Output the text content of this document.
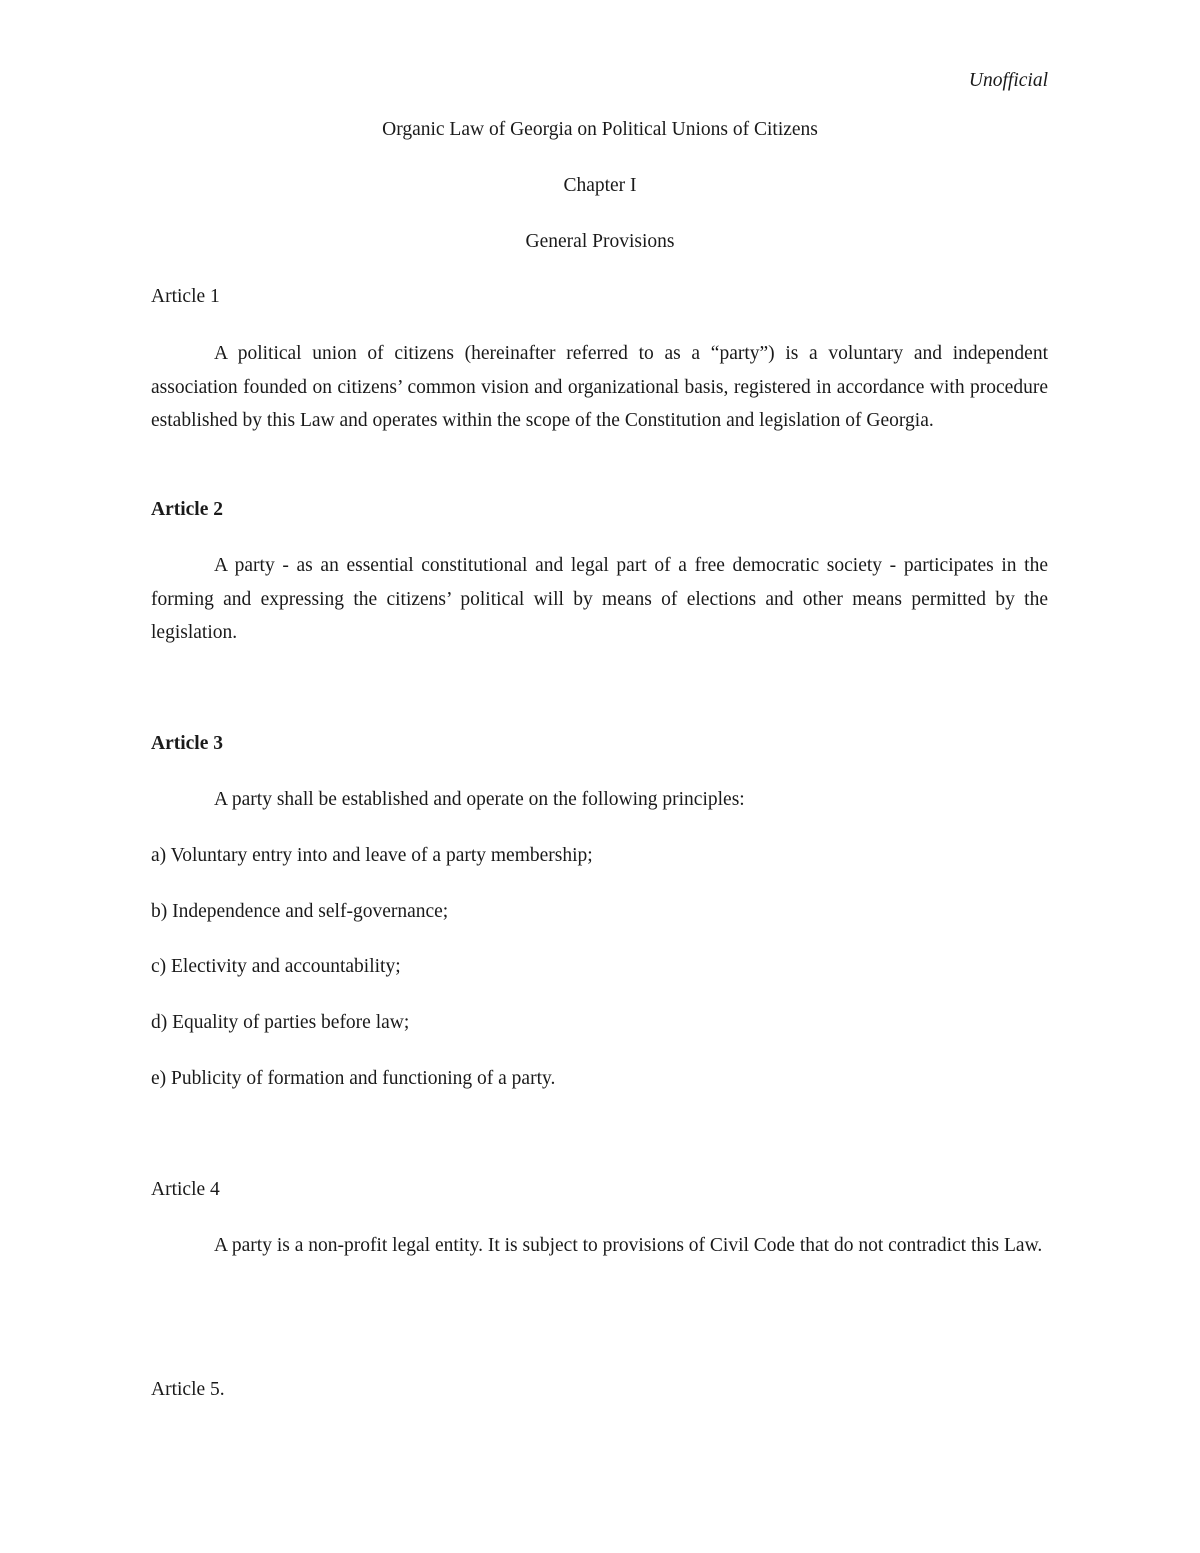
Unofficial
Organic Law of Georgia on Political Unions of Citizens
Chapter I
General Provisions
Article 1

A political union of citizens (hereinafter referred to as a “party”) is a voluntary and independent association founded on citizens’ common vision and organizational basis, registered in accordance with procedure established by this Law and operates within the scope of the Constitution and legislation of Georgia.

Article 2

A party - as an essential constitutional and legal part of a free democratic society - participates in the forming and expressing the citizens’ political will by means of elections and other means permitted by the legislation.

Article 3

A party shall be established and operate on the following principles:

a) Voluntary entry into and leave of a party membership;
b) Independence and self-governance;
c) Electivity and accountability;
d) Equality of parties before law;
e) Publicity of formation and functioning of a party.
Article 4

A party is a non-profit legal entity. It is subject to provisions of Civil Code that do not contradict this Law.

Article 5.
